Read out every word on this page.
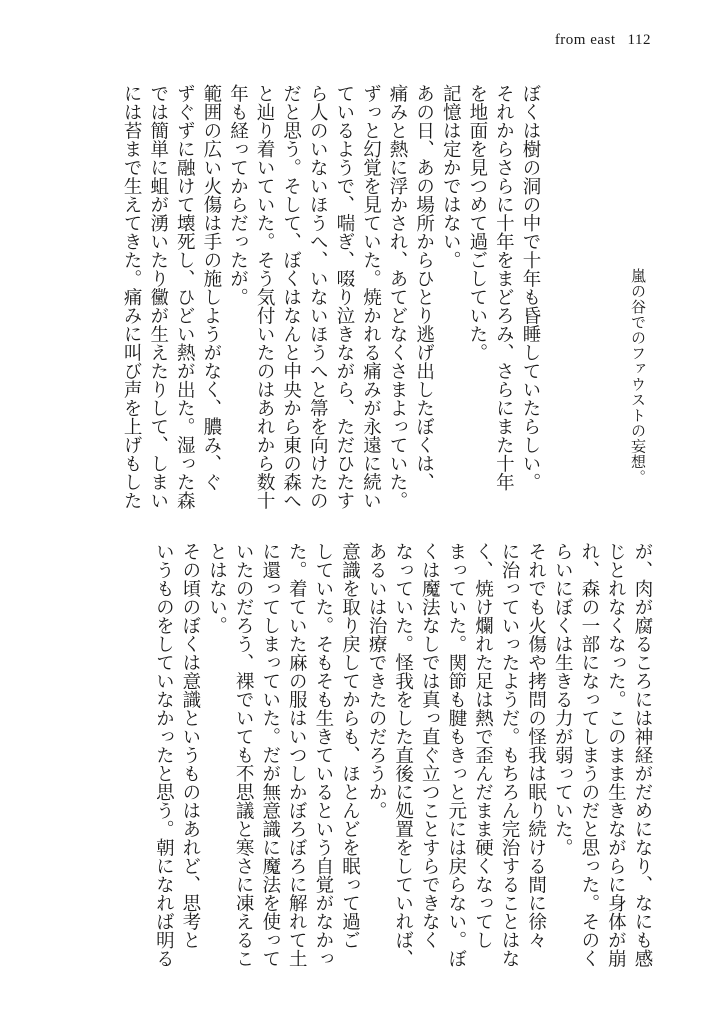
from east 112
嵐の谷でのファウストの妄想。
ぼくは樹の洞の中で十年も昏睡していたらしい。
それからさらに十年をまどろみ、さらにまた十年
を地面を見つめて過ごしていた。
記憶は定かではない。
あの日、あの場所からひとり逃げ出したぼくは、
痛みと熱に浮かされ、あてどなくさまよっていた。
ずっと幻覚を見ていた。焼かれる痛みが永遠に続い
ているようで、喘ぎ、啜り泣きながら、ただひたす
ら人のいないほうへ、いないほうへと箒を向けたの
だと思う。そして、ぼくはなんと中央から東の森へ
と辿り着いていた。そう気付いたのはあれから数十
年も経ってからだったが。
範囲の広い火傷は手の施しようがなく、膿み、ぐ
ずぐずに融けて壊死し、ひどい熱が出た。湿った森
では簡単に蛆が湧いたり黴が生えたりして、しまい
には苔まで生えてきた。痛みに叫び声を上げもした
が、肉が腐るころには神経がだめになり、なにも感
じとれなくなった。このまま生きながらに身体が崩
れ、森の一部になってしまうのだと思った。そのく
らいにぼくは生きる力が弱っていた。
それでも火傷や拷問の怪我は眠り続ける間に徐々
に治っていったようだ。もちろん完治することはな
く、焼け爛れた足は熱で歪んだまま硬くなってし
まっていた。関節も腱もきっと元には戻らない。ぼ
くは魔法なしでは真っ直ぐ立つことすらできなく
なっていた。怪我をした直後に処置をしていれば、
あるいは治療できたのだろうか。
意識を取り戻してからも、ほとんどを眠って過ご
していた。そもそも生きているという自覚がなかっ
た。着ていた麻の服はいつしかぼろぼろに解れて土
に還ってしまっていた。だが無意識に魔法を使って
いたのだろう、裸でいても不思議と寒さに凍えるこ
とはない。
その頃のぼくは意識というものはあれど、思考と
いうものをしていなかったと思う。朝になれば明る
